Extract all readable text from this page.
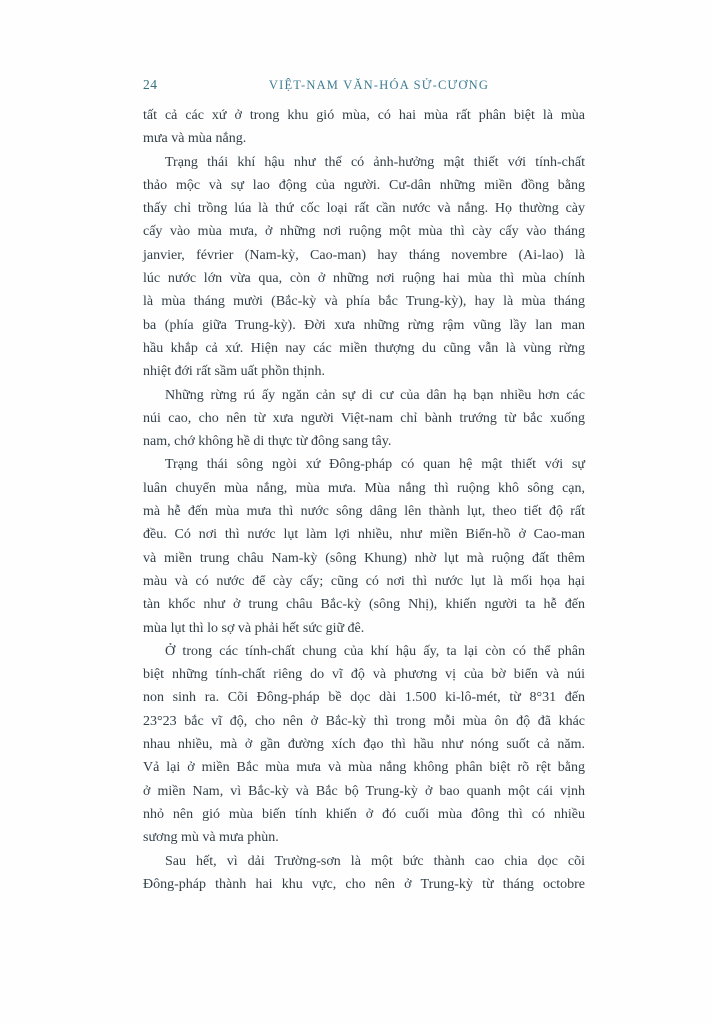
24	VIỆT-NAM VĂN-HÓA SỬ-CƯƠNG
tất cả các xứ ở trong khu gió mùa, có hai mùa rất phân biệt là mùa
mưa và mùa nắng.
Trạng thái khí hậu như thế có ảnh-hưởng mật thiết với tính-chất
thảo mộc và sự lao động của người. Cư-dân những miền đồng bằng
thấy chỉ trồng lúa là thứ cốc loại rất cần nước và nắng. Họ thường cày
cấy vào mùa mưa, ở những nơi ruộng một mùa thì cày cấy vào tháng
janvier, février (Nam-kỳ, Cao-man) hay tháng novembre (Ai-lao) là
lúc nước lớn vừa qua, còn ở những nơi ruộng hai mùa thì mùa chính
là mùa tháng mười (Bắc-kỳ và phía bắc Trung-kỳ), hay là mùa tháng
ba (phía giữa Trung-kỳ). Đời xưa những rừng rậm vũng lầy lan man
hầu khắp cả xứ. Hiện nay các miền thượng du cũng vẫn là vùng rừng
nhiệt đới rất sầm uất phồn thịnh.
Những rừng rú ấy ngăn cản sự di cư của dân hạ bạn nhiều hơn các
núi cao, cho nên từ xưa người Việt-nam chỉ bành trướng từ bắc xuống
nam, chớ không hề di thực từ đông sang tây.
Trạng thái sông ngòi xứ Đông-pháp có quan hệ mật thiết với sự
luân chuyển mùa nắng, mùa mưa. Mùa nắng thì ruộng khô sông cạn,
mà hễ đến mùa mưa thì nước sông dâng lên thành lụt, theo tiết độ rất
đều. Có nơi thì nước lụt làm lợi nhiều, như miền Biển-hồ ở Cao-man
và miền trung châu Nam-kỳ (sông Khung) nhờ lụt mà ruộng đất thêm
màu và có nước để cày cấy; cũng có nơi thì nước lụt là mối họa hại
tàn khốc như ở trung châu Bắc-kỳ (sông Nhị), khiến người ta hễ đến
mùa lụt thì lo sợ và phải hết sức giữ đê.
Ở trong các tính-chất chung của khí hậu ấy, ta lại còn có thể phân
biệt những tính-chất riêng do vĩ độ và phương vị của bờ biển và núi
non sinh ra. Cõi Đông-pháp bề dọc dài 1.500 ki-lô-mét, từ 8°31 đến
23°23 bắc vĩ độ, cho nên ở Bắc-kỳ thì trong mỗi mùa ôn độ đã khác
nhau nhiều, mà ở gần đường xích đạo thì hầu như nóng suốt cả năm.
Vả lại ở miền Bắc mùa mưa và mùa nắng không phân biệt rõ rệt bằng
ở miền Nam, vì Bắc-kỳ và Bắc bộ Trung-kỳ ở bao quanh một cái vịnh
nhỏ nên gió mùa biến tính khiến ở đó cuối mùa đông thì có nhiều
sương mù và mưa phùn.
Sau hết, vì dải Trường-sơn là một bức thành cao chia dọc cõi
Đông-pháp thành hai khu vực, cho nên ở Trung-kỳ từ tháng octobre
